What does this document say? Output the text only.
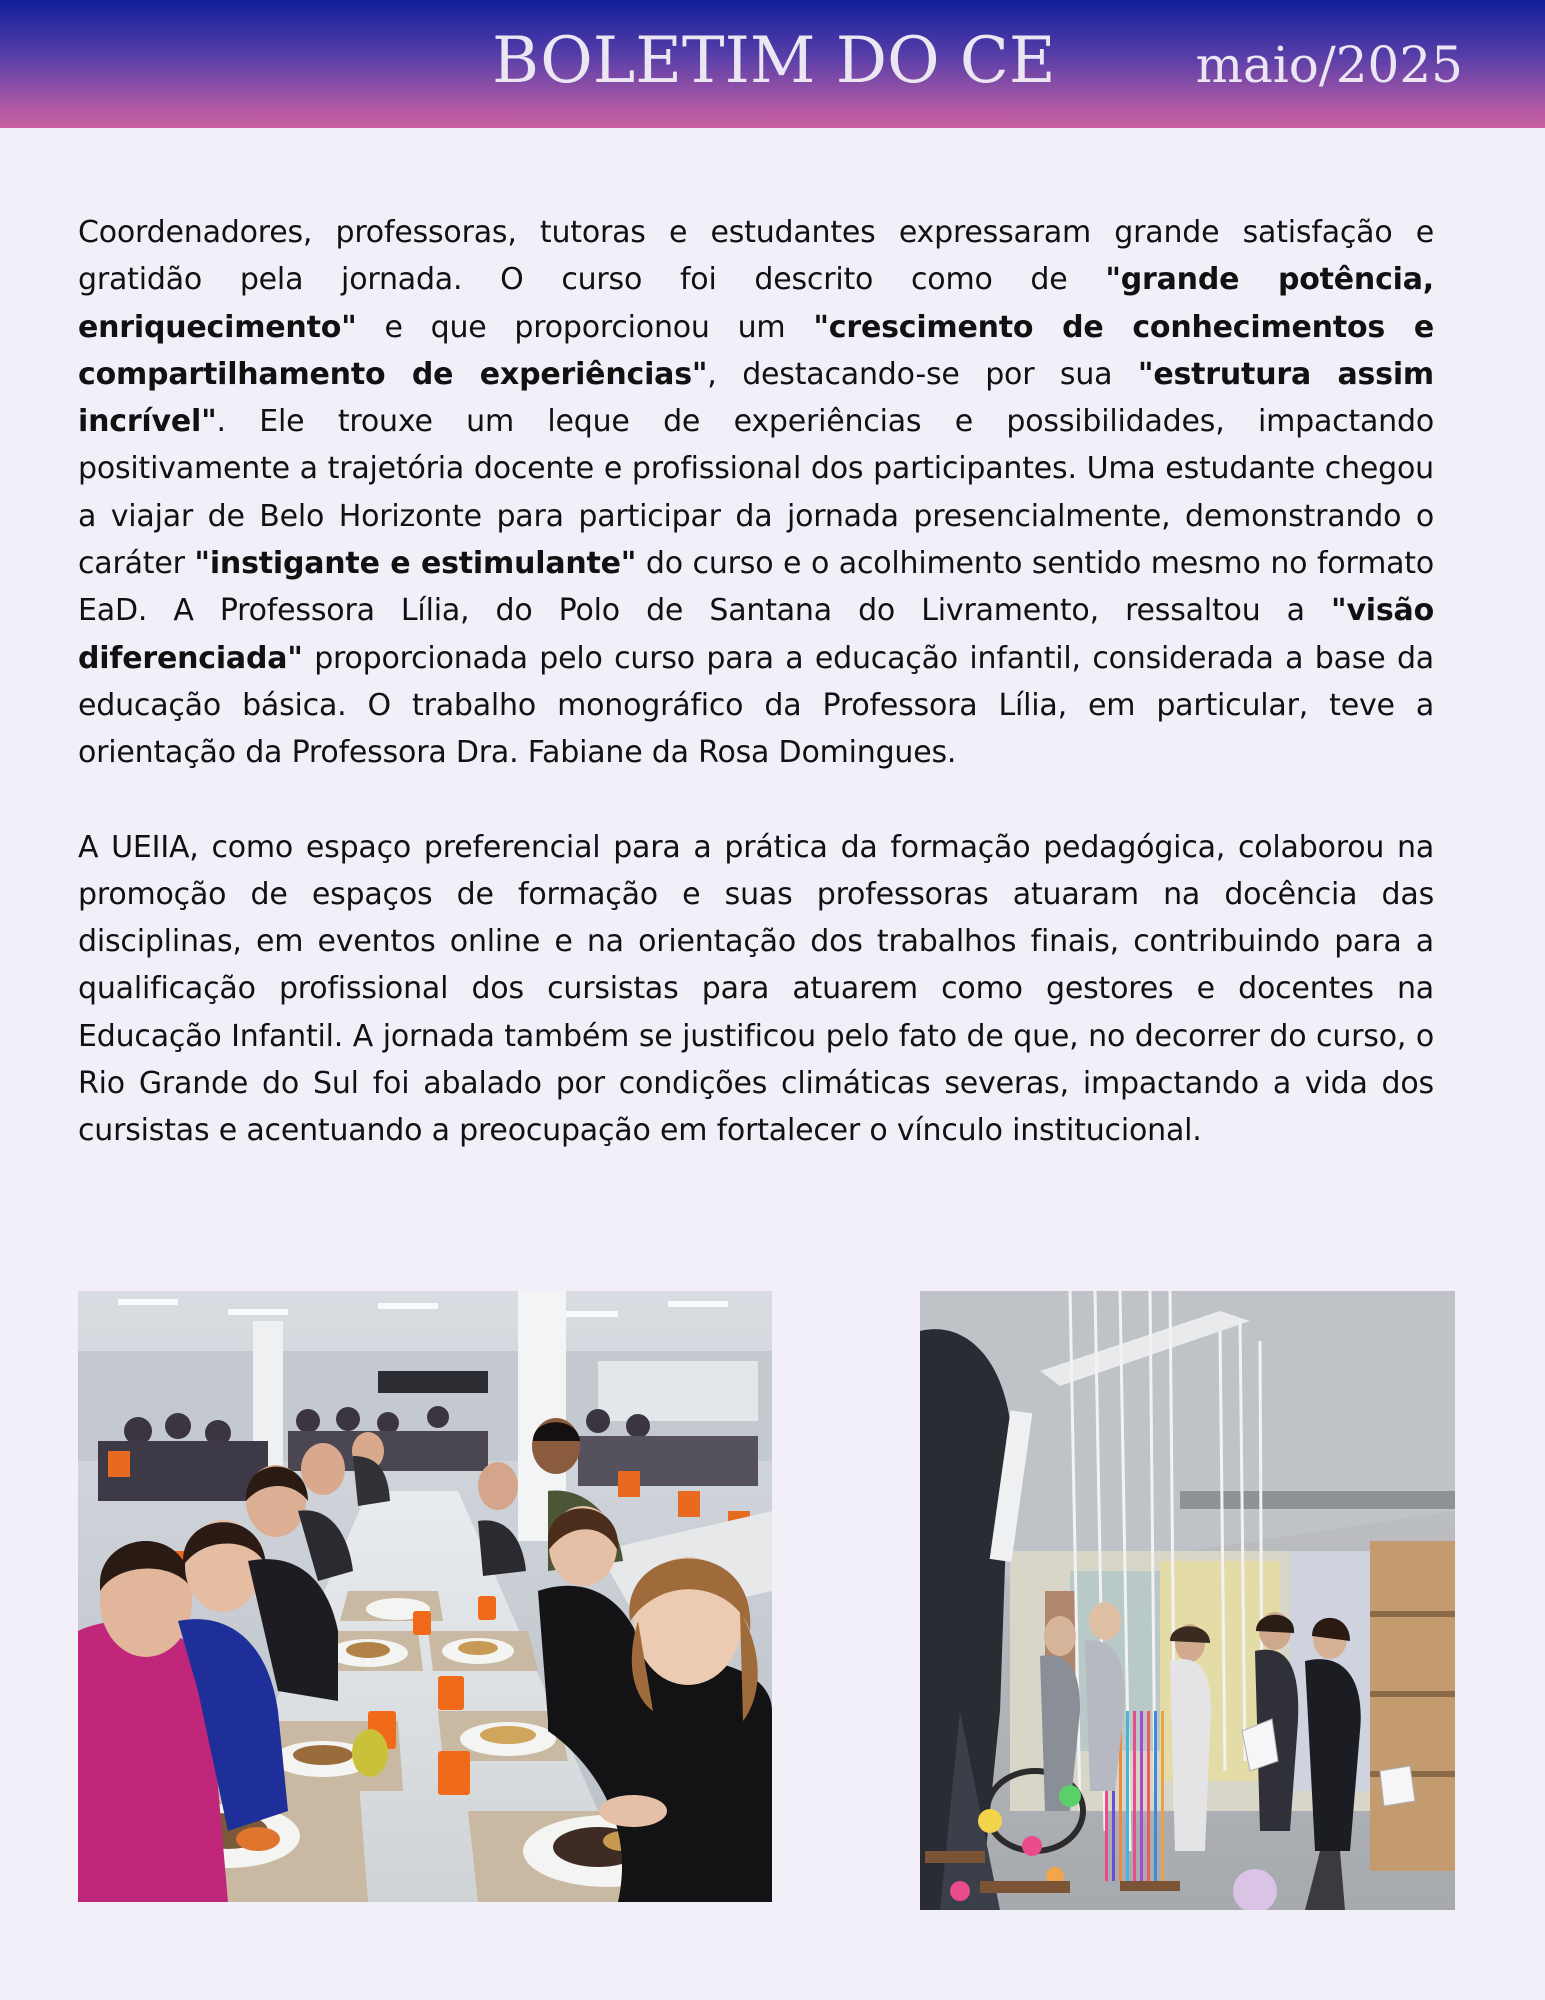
BOLETIM DO CE	maio/2025

Coordenadores, professoras, tutoras e estudantes expressaram grande satisfação e gratidão pela jornada. O curso foi descrito como de "grande potência, enriquecimento" e que proporcionou um "crescimento de conhecimentos e compartilhamento de experiências", destacando-se por sua "estrutura assim incrível". Ele trouxe um leque de experiências e possibilidades, impactando positivamente a trajetória docente e profissional dos participantes. Uma estudante chegou a viajar de Belo Horizonte para participar da jornada presencialmente, demonstrando o caráter "instigante e estimulante" do curso e o acolhimento sentido mesmo no formato EaD. A Professora Lília, do Polo de Santana do Livramento, ressaltou a "visão diferenciada" proporcionada pelo curso para a educação infantil, considerada a base da educação básica. O trabalho monográfico da Professora Lília, em particular, teve a orientação da Professora Dra. Fabiane da Rosa Domingues.

A UEIIA, como espaço preferencial para a prática da formação pedagógica, colaborou na promoção de espaços de formação e suas professoras atuaram na docência das disciplinas, em eventos online e na orientação dos trabalhos finais, contribuindo para a qualificação profissional dos cursistas para atuarem como gestores e docentes na Educação Infantil. A jornada também se justificou pelo fato de que, no decorrer do curso, o Rio Grande do Sul foi abalado por condições climáticas severas, impactando a vida dos cursistas e acentuando a preocupação em fortalecer o vínculo institucional.
